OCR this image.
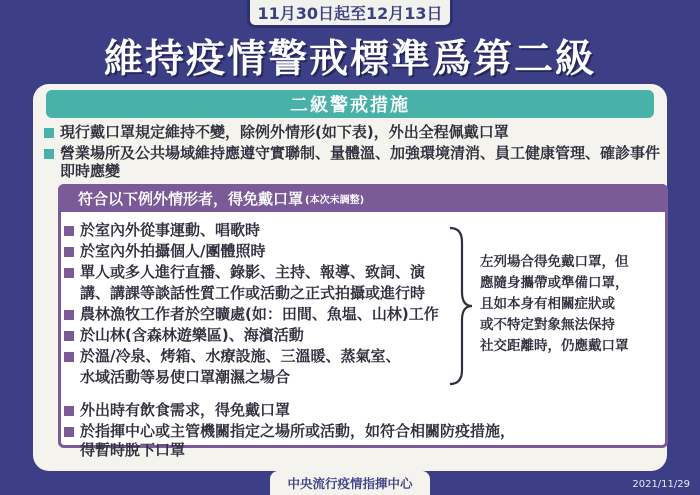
11月30日起至12月13日
維持疫情警戒標準爲第二級
二級警戒措施
現行戴口罩規定維持不變，除例外情形(如下表)，外出全程佩戴口罩
營業場所及公共場域維持應遵守實聯制、量體溫、加強環境清消、員工健康管理、確診事件
即時應變
符合以下例外情形者，得免戴口罩 (本次未調整)
於室內外從事運動、唱歌時
於室內外拍攝個人/團體照時
單人或多人進行直播、錄影、主持、報導、致詞、演
講、講課等談話性質工作或活動之正式拍攝或進行時
農林漁牧工作者於空曠處(如：田間、魚塭、山林)工作
於山林(含森林遊樂區)、海濱活動
於溫/冷泉、烤箱、水療設施、三溫暖、蒸氣室、
水域活動等易使口罩潮濕之場合
左列場合得免戴口罩，但
應隨身攜帶或準備口罩，
且如本身有相關症狀或
或不特定對象無法保持
社交距離時，仍應戴口罩
外出時有飲食需求，得免戴口罩
於指揮中心或主管機關指定之場所或活動，如符合相關防疫措施，
得暫時脫下口罩
中央流行疫情指揮中心	2021/11/29
